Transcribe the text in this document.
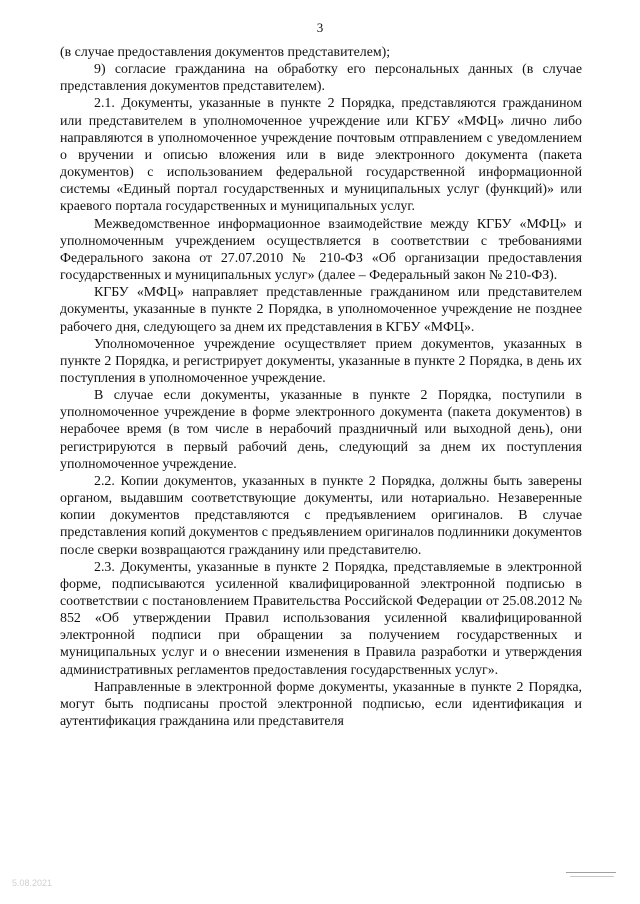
3

(в случае предоставления документов представителем);

9) согласие гражданина на обработку его персональных данных (в случае представления документов представителем).

2.1. Документы, указанные в пункте 2 Порядка, представляются гражданином или представителем в уполномоченное учреждение или КГБУ «МФЦ» лично либо направляются в уполномоченное учреждение почтовым отправлением с уведомлением о вручении и описью вложения или в виде электронного документа (пакета документов) с использованием федеральной государственной информационной системы «Единый портал государственных и муниципальных услуг (функций)» или краевого портала государственных и муниципальных услуг.

Межведомственное информационное взаимодействие между КГБУ «МФЦ» и уполномоченным учреждением осуществляется в соответствии с требованиями Федерального закона от 27.07.2010 № 210-ФЗ «Об организации предоставления государственных и муниципальных услуг» (далее – Федеральный закон № 210-ФЗ).

КГБУ «МФЦ» направляет представленные гражданином или представителем документы, указанные в пункте 2 Порядка, в уполномоченное учреждение не позднее рабочего дня, следующего за днем их представления в КГБУ «МФЦ».

Уполномоченное учреждение осуществляет прием документов, указанных в пункте 2 Порядка, и регистрирует документы, указанные в пункте 2 Порядка, в день их поступления в уполномоченное учреждение.

В случае если документы, указанные в пункте 2 Порядка, поступили в уполномоченное учреждение в форме электронного документа (пакета документов) в нерабочее время (в том числе в нерабочий праздничный или выходной день), они регистрируются в первый рабочий день, следующий за днем их поступления уполномоченное учреждение.

2.2. Копии документов, указанных в пункте 2 Порядка, должны быть заверены органом, выдавшим соответствующие документы, или нотариально. Незаверенные копии документов представляются с предъявлением оригиналов. В случае представления копий документов с предъявлением оригиналов подлинники документов после сверки возвращаются гражданину или представителю.

2.3. Документы, указанные в пункте 2 Порядка, представляемые в электронной форме, подписываются усиленной квалифицированной электронной подписью в соответствии с постановлением Правительства Российской Федерации от 25.08.2012 № 852 «Об утверждении Правил использования усиленной квалифицированной электронной подписи при обращении за получением государственных и муниципальных услуг и о внесении изменения в Правила разработки и утверждения административных регламентов предоставления государственных услуг».

Направленные в электронной форме документы, указанные в пункте 2 Порядка, могут быть подписаны простой электронной подписью, если идентификация и аутентификация гражданина или представителя

5.08.2021
